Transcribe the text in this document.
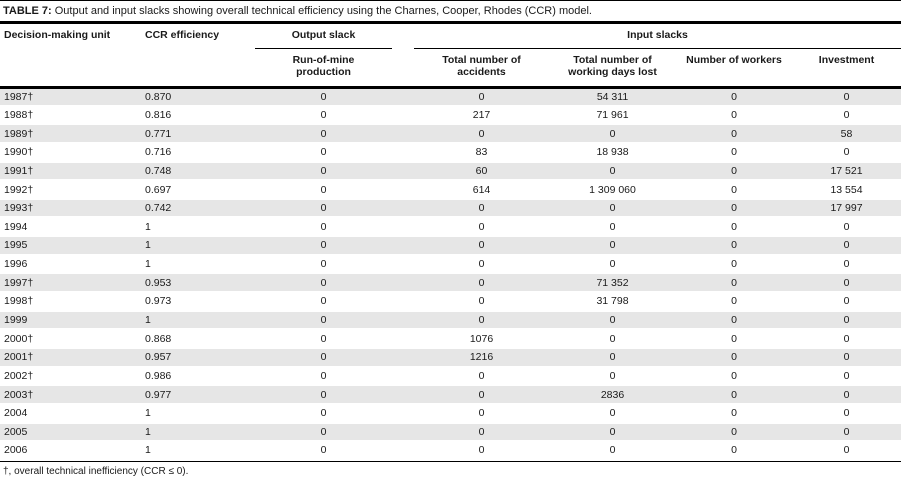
TABLE 7: Output and input slacks showing overall technical efficiency using the Charnes, Cooper, Rhodes (CCR) model.
Decision-making unit	CCR efficiency	Output slack		Input slacks			
		Run-of-mine production		Total number of accidents	Total number of working days lost	Number of workers	Investment
1987†	0.870	0		0	54 311	0	0
1988†	0.816	0		217	71 961	0	0
1989†	0.771	0		0	0	0	58
1990†	0.716	0		83	18 938	0	0
1991†	0.748	0		60	0	0	17 521
1992†	0.697	0		614	1 309 060	0	13 554
1993†	0.742	0		0	0	0	17 997
1994	1	0		0	0	0	0
1995	1	0		0	0	0	0
1996	1	0		0	0	0	0
1997†	0.953	0		0	71 352	0	0
1998†	0.973	0		0	31 798	0	0
1999	1	0		0	0	0	0
2000†	0.868	0		1076	0	0	0
2001†	0.957	0		1216	0	0	0
2002†	0.986	0		0	0	0	0
2003†	0.977	0		0	2836	0	0
2004	1	0		0	0	0	0
2005	1	0		0	0	0	0
2006	1	0		0	0	0	0
†, overall technical inefficiency (CCR ≤ 0).
